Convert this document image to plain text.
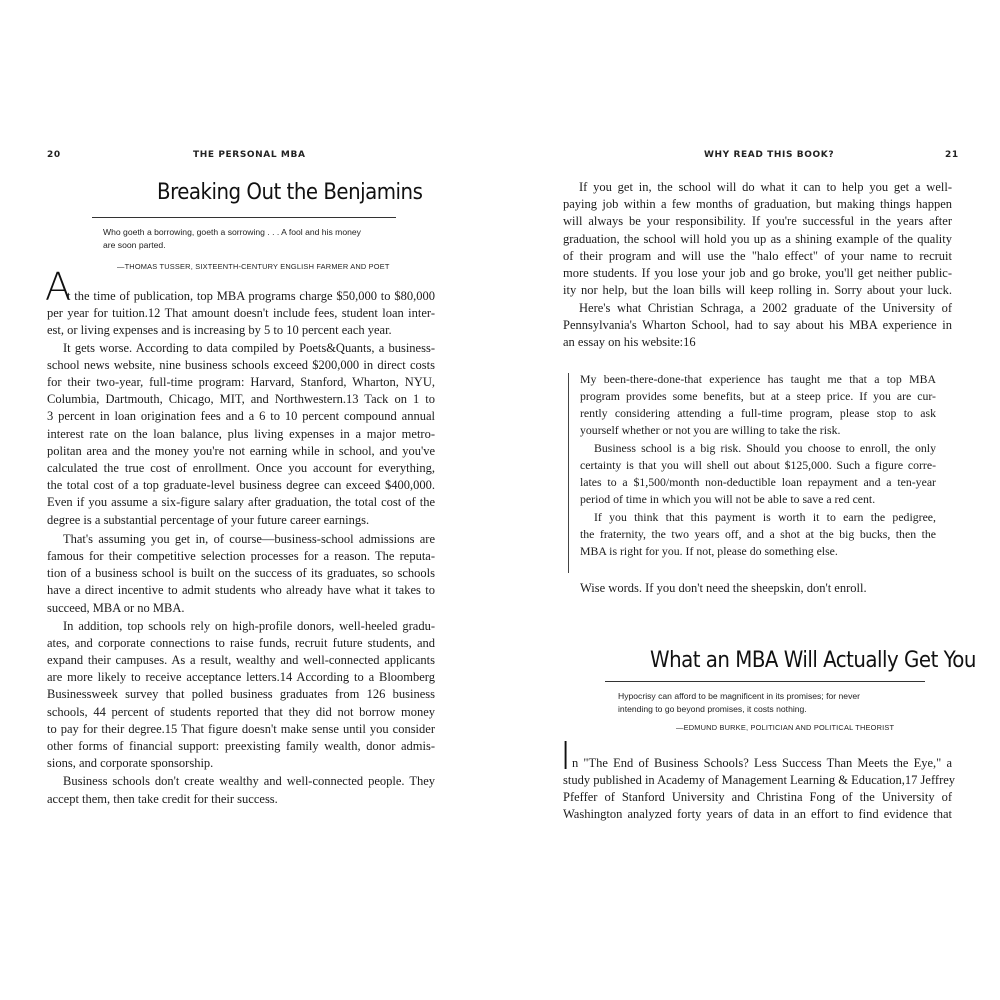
20	THE PERSONAL MBA
Breaking Out the Benjamins
Who goeth a borrowing, goeth a sorrowing . . . A fool and his money
are soon parted.
—THOMAS TUSSER, SIXTEENTH-CENTURY ENGLISH FARMER AND POET
A
t the time of publication, top MBA programs charge $50,000 to $80,000
per year for tuition.12 That amount doesn't include fees, student loan inter-
est, or living expenses and is increasing by 5 to 10 percent each year.
It gets worse. According to data compiled by Poets&Quants, a business-
school news website, nine business schools exceed $200,000 in direct costs
for their two-year, full-time program: Harvard, Stanford, Wharton, NYU,
Columbia, Dartmouth, Chicago, MIT, and Northwestern.13 Tack on 1 to
3 percent in loan origination fees and a 6 to 10 percent compound annual
interest rate on the loan balance, plus living expenses in a major metro-
politan area and the money you're not earning while in school, and you've
calculated the true cost of enrollment. Once you account for everything,
the total cost of a top graduate-level business degree can exceed $400,000.
Even if you assume a six-figure salary after graduation, the total cost of the
degree is a substantial percentage of your future career earnings.
That's assuming you get in, of course—business-school admissions are
famous for their competitive selection processes for a reason. The reputa-
tion of a business school is built on the success of its graduates, so schools
have a direct incentive to admit students who already have what it takes to
succeed, MBA or no MBA.
In addition, top schools rely on high-profile donors, well-heeled gradu-
ates, and corporate connections to raise funds, recruit future students, and
expand their campuses. As a result, wealthy and well-connected applicants
are more likely to receive acceptance letters.14 According to a Bloomberg
Businessweek survey that polled business graduates from 126 business
schools, 44 percent of students reported that they did not borrow money
to pay for their degree.15 That figure doesn't make sense until you consider
other forms of financial support: preexisting family wealth, donor admis-
sions, and corporate sponsorship.
Business schools don't create wealthy and well-connected people. They
accept them, then take credit for their success.
WHY READ THIS BOOK?	21
If you get in, the school will do what it can to help you get a well-
paying job within a few months of graduation, but making things happen
will always be your responsibility. If you're successful in the years after
graduation, the school will hold you up as a shining example of the quality
of their program and will use the "halo effect" of your name to recruit
more students. If you lose your job and go broke, you'll get neither public-
ity nor help, but the loan bills will keep rolling in. Sorry about your luck.
Here's what Christian Schraga, a 2002 graduate of the University of
Pennsylvania's Wharton School, had to say about his MBA experience in
an essay on his website:16
My been-there-done-that experience has taught me that a top MBA
program provides some benefits, but at a steep price. If you are cur-
rently considering attending a full-time program, please stop to ask
yourself whether or not you are willing to take the risk.
Business school is a big risk. Should you choose to enroll, the only
certainty is that you will shell out about $125,000. Such a figure corre-
lates to a $1,500/month non-deductible loan repayment and a ten-year
period of time in which you will not be able to save a red cent.
If you think that this payment is worth it to earn the pedigree,
the fraternity, the two years off, and a shot at the big bucks, then the
MBA is right for you. If not, please do something else.
Wise words. If you don't need the sheepskin, don't enroll.
What an MBA Will Actually Get You
Hypocrisy can afford to be magnificent in its promises; for never
intending to go beyond promises, it costs nothing.
—EDMUND BURKE, POLITICIAN AND POLITICAL THEORIST
I n "The End of Business Schools? Less Success Than Meets the Eye," a
study published in Academy of Management Learning & Education,17 Jeffrey
Pfeffer of Stanford University and Christina Fong of the University of
Washington analyzed forty years of data in an effort to find evidence that
